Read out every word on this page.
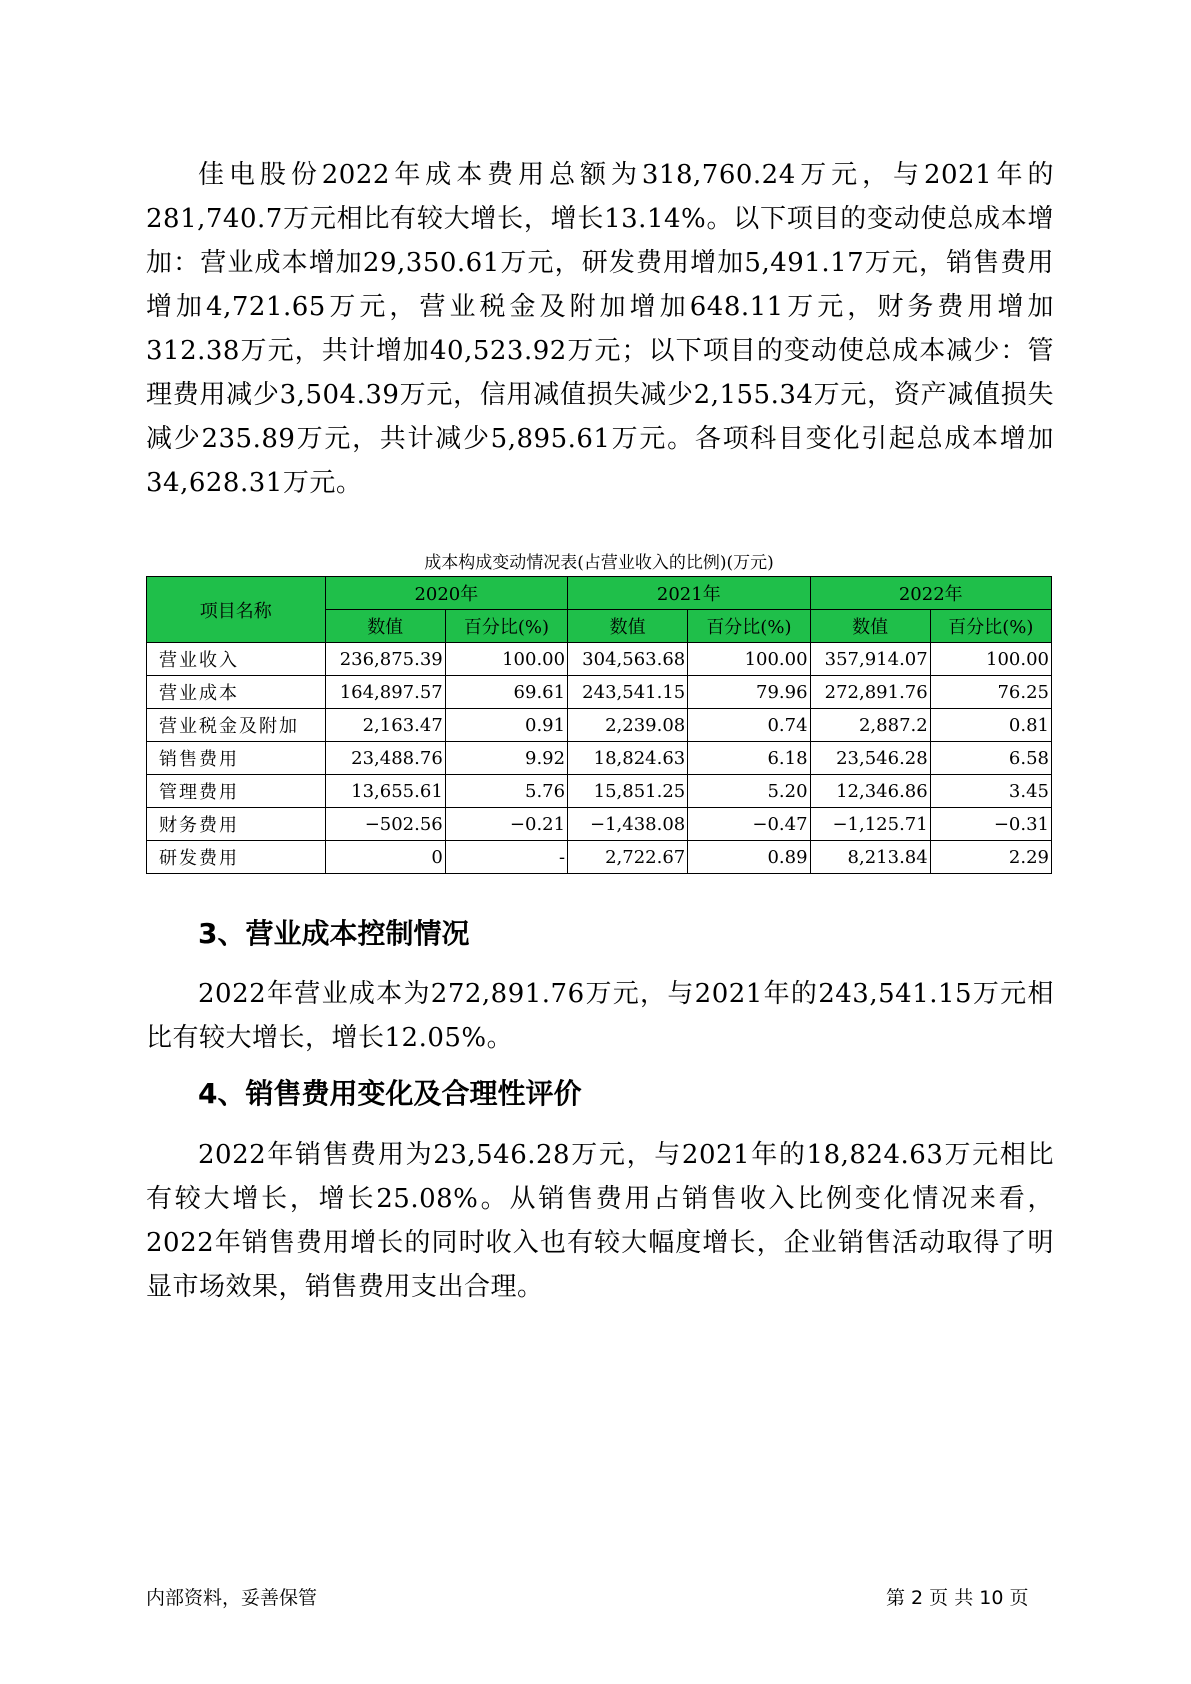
佳电股份2022年成本费用总额为318,760.24万元，与2021年的281,740.7万元相比有较大增长，增长13.14%。以下项目的变动使总成本增加：营业成本增加29,350.61万元，研发费用增加5,491.17万元，销售费用增加4,721.65万元，营业税金及附加增加648.11万元，财务费用增加312.38万元，共计增加40,523.92万元；以下项目的变动使总成本减少：管理费用减少3,504.39万元，信用减值损失减少2,155.34万元，资产减值损失减少235.89万元，共计减少5,895.61万元。各项科目变化引起总成本增加34,628.31万元。

成本构成变动情况表(占营业收入的比例)(万元)
项目名称	2020年		2021年		2022年	
	数值	百分比(%)	数值	百分比(%)	数值	百分比(%)
营业收入	236,875.39	100.00	304,563.68	100.00	357,914.07	100.00
营业成本	164,897.57	69.61	243,541.15	79.96	272,891.76	76.25
营业税金及附加	2,163.47	0.91	2,239.08	0.74	2,887.2	0.81
销售费用	23,488.76	9.92	18,824.63	6.18	23,546.28	6.58
管理费用	13,655.61	5.76	15,851.25	5.20	12,346.86	3.45
财务费用	−502.56	−0.21	−1,438.08	−0.47	−1,125.71	−0.31
研发费用	0	-	2,722.67	0.89	8,213.84	2.29
3、营业成本控制情况

2022年营业成本为272,891.76万元，与2021年的243,541.15万元相比有较大增长，增长12.05%。

4、销售费用变化及合理性评价

2022年销售费用为23,546.28万元，与2021年的18,824.63万元相比有较大增长，增长25.08%。从销售费用占销售收入比例变化情况来看，2022年销售费用增长的同时收入也有较大幅度增长，企业销售活动取得了明显市场效果，销售费用支出合理。

内部资料，妥善保管	第 2 页 共 10 页
